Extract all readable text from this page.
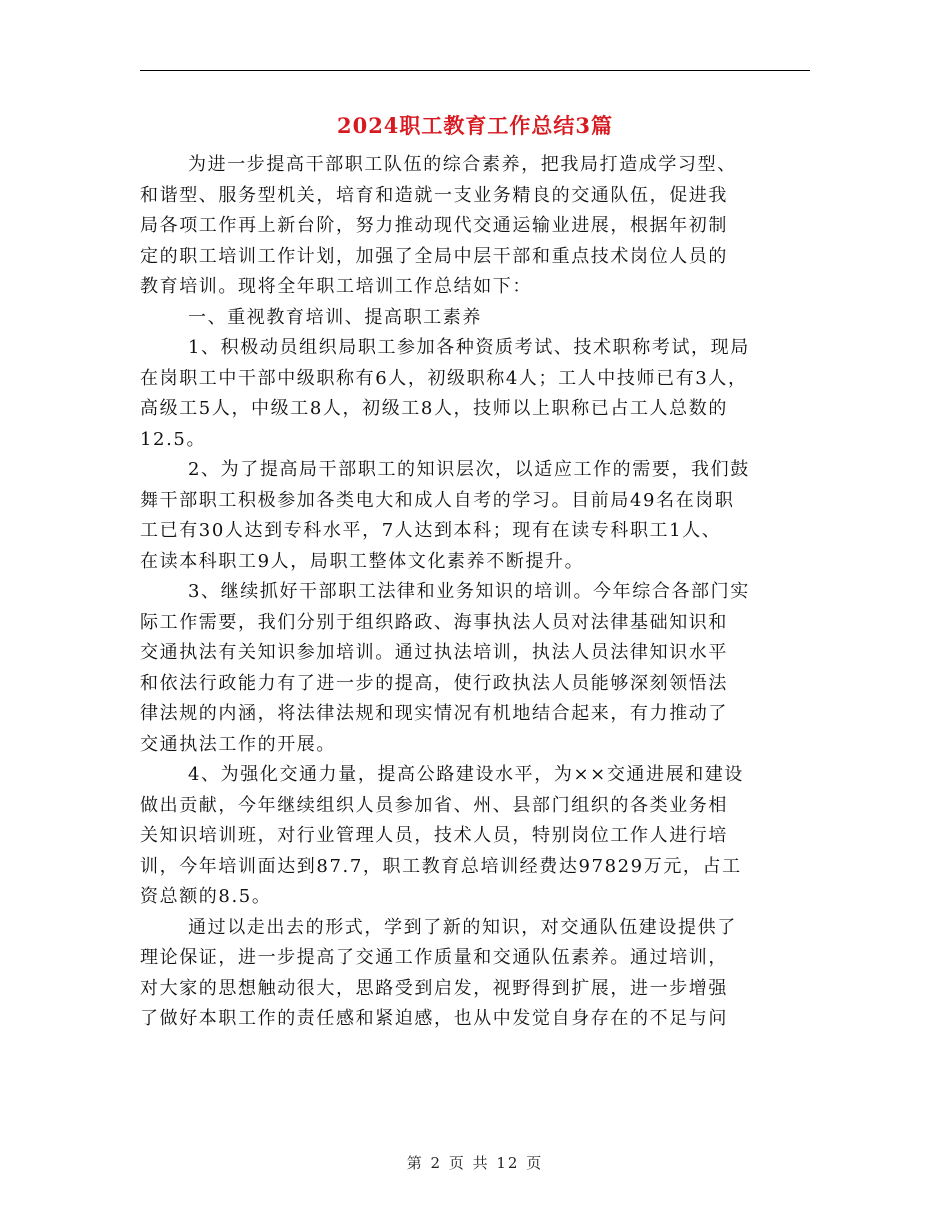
2024职工教育工作总结3篇
为进一步提高干部职工队伍的综合素养，把我局打造成学习型、
和谐型、服务型机关，培育和造就一支业务精良的交通队伍，促进我
局各项工作再上新台阶，努力推动现代交通运输业进展，根据年初制
定的职工培训工作计划，加强了全局中层干部和重点技术岗位人员的
教育培训。现将全年职工培训工作总结如下：
一、重视教育培训、提高职工素养
1、积极动员组织局职工参加各种资质考试、技术职称考试，现局
在岗职工中干部中级职称有6人，初级职称4人；工人中技师已有3人，
高级工5人，中级工8人，初级工8人，技师以上职称已占工人总数的
12.5。
2、为了提高局干部职工的知识层次，以适应工作的需要，我们鼓
舞干部职工积极参加各类电大和成人自考的学习。目前局49名在岗职
工已有30人达到专科水平，7人达到本科；现有在读专科职工1人、
在读本科职工9人，局职工整体文化素养不断提升。
3、继续抓好干部职工法律和业务知识的培训。今年综合各部门实
际工作需要，我们分别于组织路政、海事执法人员对法律基础知识和
交通执法有关知识参加培训。通过执法培训，执法人员法律知识水平
和依法行政能力有了进一步的提高，使行政执法人员能够深刻领悟法
律法规的内涵，将法律法规和现实情况有机地结合起来，有力推动了
交通执法工作的开展。
4、为强化交通力量，提高公路建设水平，为××交通进展和建设
做出贡献，今年继续组织人员参加省、州、县部门组织的各类业务相
关知识培训班，对行业管理人员，技术人员，特别岗位工作人进行培
训，今年培训面达到87.7，职工教育总培训经费达97829万元，占工
资总额的8.5。
通过以走出去的形式，学到了新的知识，对交通队伍建设提供了
理论保证，进一步提高了交通工作质量和交通队伍素养。通过培训，
对大家的思想触动很大，思路受到启发，视野得到扩展，进一步增强
了做好本职工作的责任感和紧迫感，也从中发觉自身存在的不足与问
第 2 页 共 12 页
